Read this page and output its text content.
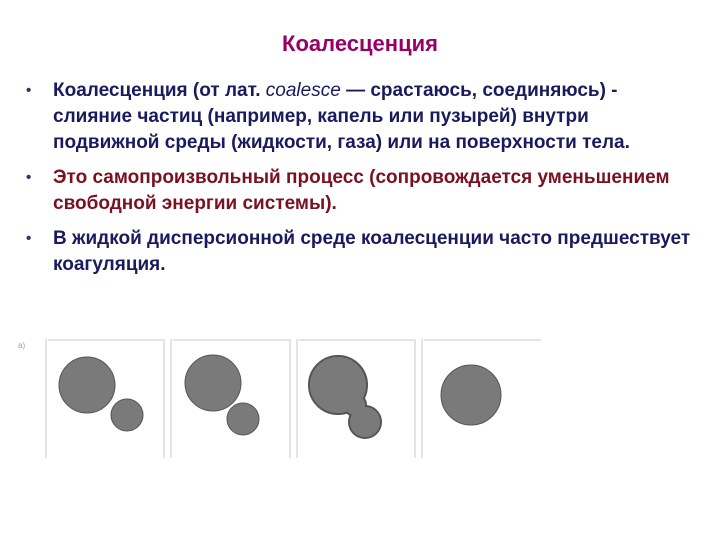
Коалесценция
• Коалесценция (от лат. coalesce — срастаюсь, соединяюсь) - слияние частиц (например, капель или пузырей) внутри подвижной среды (жидкости, газа) или на поверхности тела.
• Это самопроизвольный процесс (сопровождается уменьшением свободной энергии системы).
• В жидкой дисперсионной среде коалесценции часто предшествует коагуляция.
а)
